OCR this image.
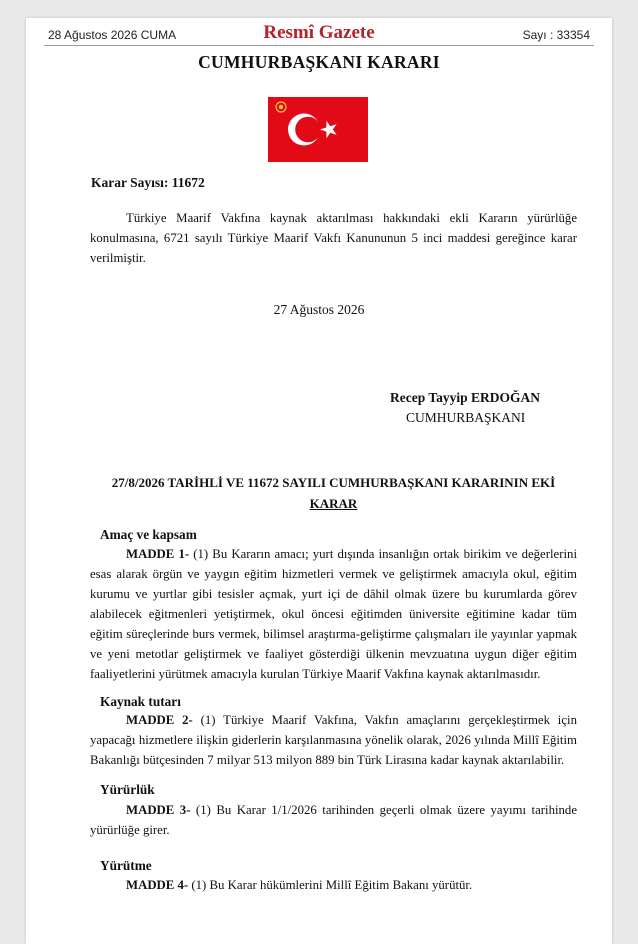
28 Ağustos 2026 CUMA	Resmî Gazete	Sayı : 33354
CUMHURBAŞKANI KARARI
Karar Sayısı: 11672

Türkiye Maarif Vakfına kaynak aktarılması hakkındaki ekli Kararın yürürlüğe konulmasına, 6721 sayılı Türkiye Maarif Vakfı Kanununun 5 inci maddesi gereğince karar verilmiştir.

27 Ağustos 2026
Recep Tayyip ERDOĞAN
CUMHURBAŞKANI
27/8/2026 TARİHLİ VE 11672 SAYILI CUMHURBAŞKANI KARARININ EKİ
KARAR
Amaç ve kapsam

MADDE 1- (1) Bu Kararın amacı; yurt dışında insanlığın ortak birikim ve değerlerini esas alarak örgün ve yaygın eğitim hizmetleri vermek ve geliştirmek amacıyla okul, eğitim kurumu ve yurtlar gibi tesisler açmak, yurt içi de dâhil olmak üzere bu kurumlarda görev alabilecek eğitmenleri yetiştirmek, okul öncesi eğitimden üniversite eğitimine kadar tüm eğitim süreçlerinde burs vermek, bilimsel araştırma-geliştirme çalışmaları ile yayınlar yapmak ve yeni metotlar geliştirmek ve faaliyet gösterdiği ülkenin mevzuatına uygun diğer eğitim faaliyetlerini yürütmek amacıyla kurulan Türkiye Maarif Vakfına kaynak aktarılmasıdır.

Kaynak tutarı

MADDE 2- (1) Türkiye Maarif Vakfına, Vakfın amaçlarını gerçekleştirmek için yapacağı hizmetlere ilişkin giderlerin karşılanmasına yönelik olarak, 2026 yılında Millî Eğitim Bakanlığı bütçesinden 7 milyar 513 milyon 889 bin Türk Lirasına kadar kaynak aktarılabilir.

Yürürlük

MADDE 3- (1) Bu Karar 1/1/2026 tarihinden geçerli olmak üzere yayımı tarihinde yürürlüğe girer.

Yürütme

MADDE 4- (1) Bu Karar hükümlerini Millî Eğitim Bakanı yürütür.
